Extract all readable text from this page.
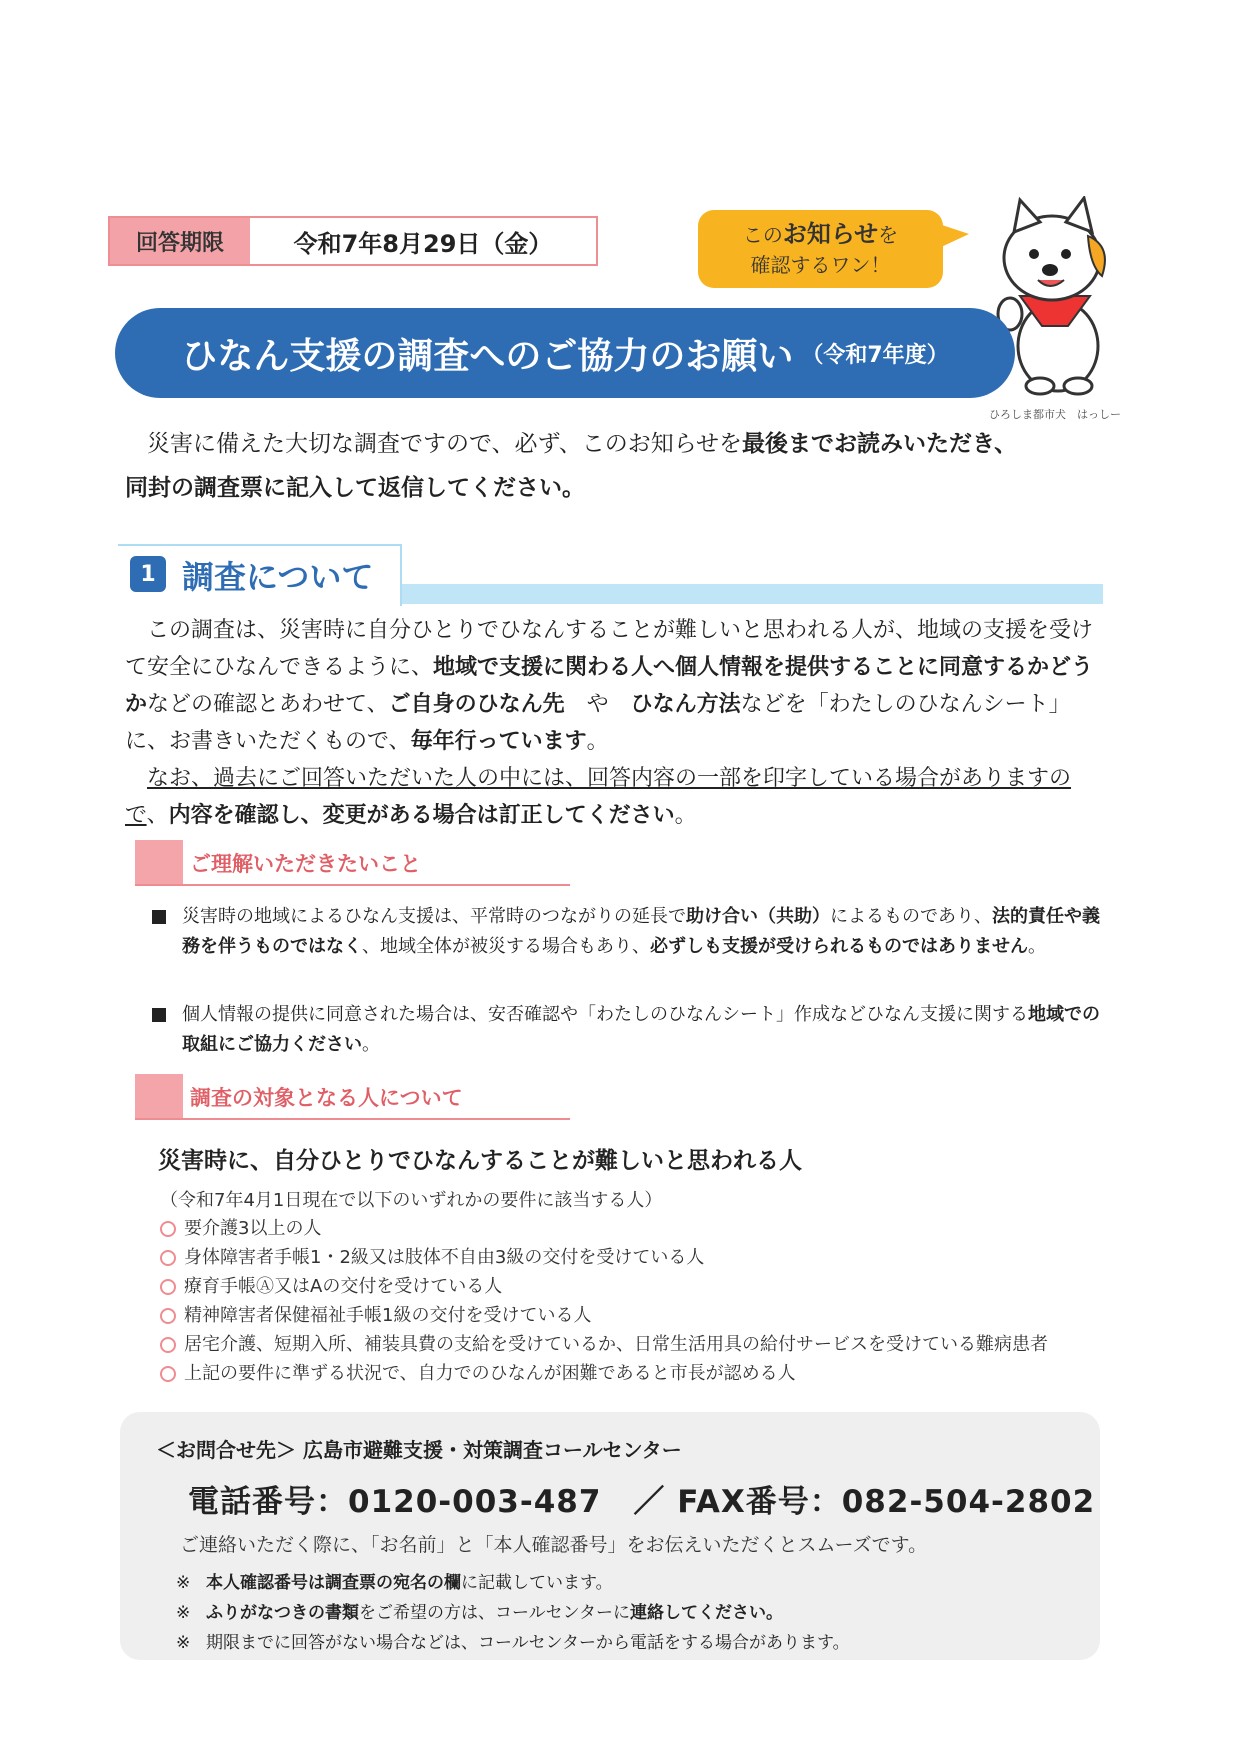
回答期限	令和7年8月29日（金）	このお知らせを
確認するワン！
ひろしま都市犬　はっしー
ひなん支援の調査へのご協力のお願い （令和7年度）
災害に備えた大切な調査ですので、必ず、このお知らせを最後までお読みいただき、
同封の調査票に記入して返信してください。
1 調査について
この調査は、災害時に自分ひとりでひなんすることが難しいと思われる人が、地域の支援を受けて安全にひなんできるように、地域で支援に関わる人へ個人情報を提供することに同意するかどうかなどの確認とあわせて、ご自身のひなん先　や　ひなん方法などを「わたしのひなんシート」に、お書きいただくもので、毎年行っています。
なお、過去にご回答いただいた人の中には、回答内容の一部を印字している場合がありますので、内容を確認し、変更がある場合は訂正してください。
ご理解いただきたいこと
災害時の地域によるひなん支援は、平常時のつながりの延長で助け合い（共助）によるものであり、法的責任や義務を伴うものではなく、地域全体が被災する場合もあり、必ずしも支援が受けられるものではありません。
個人情報の提供に同意された場合は、安否確認や「わたしのひなんシート」作成などひなん支援に関する地域での取組にご協力ください。
調査の対象となる人について
災害時に、自分ひとりでひなんすることが難しいと思われる人
（令和7年4月1日現在で以下のいずれかの要件に該当する人）
要介護3以上の人
身体障害者手帳1・2級又は肢体不自由3級の交付を受けている人
療育手帳Ⓐ又はAの交付を受けている人
精神障害者保健福祉手帳1級の交付を受けている人
居宅介護、短期入所、補装具費の支給を受けているか、日常生活用具の給付サービスを受けている難病患者
上記の要件に準ずる状況で、自力でのひなんが困難であると市長が認める人
＜お問合せ先＞ 広島市避難支援・対策調査コールセンター
電話番号：0120-003-487　／ FAX番号：082-504-2802
ご連絡いただく際に、「お名前」と「本人確認番号」をお伝えいただくとスムーズです。
※ 本人確認番号は調査票の宛名の欄に記載しています。
※ ふりがなつきの書類をご希望の方は、コールセンターに連絡してください。
※ 期限までに回答がない場合などは、コールセンターから電話をする場合があります。
